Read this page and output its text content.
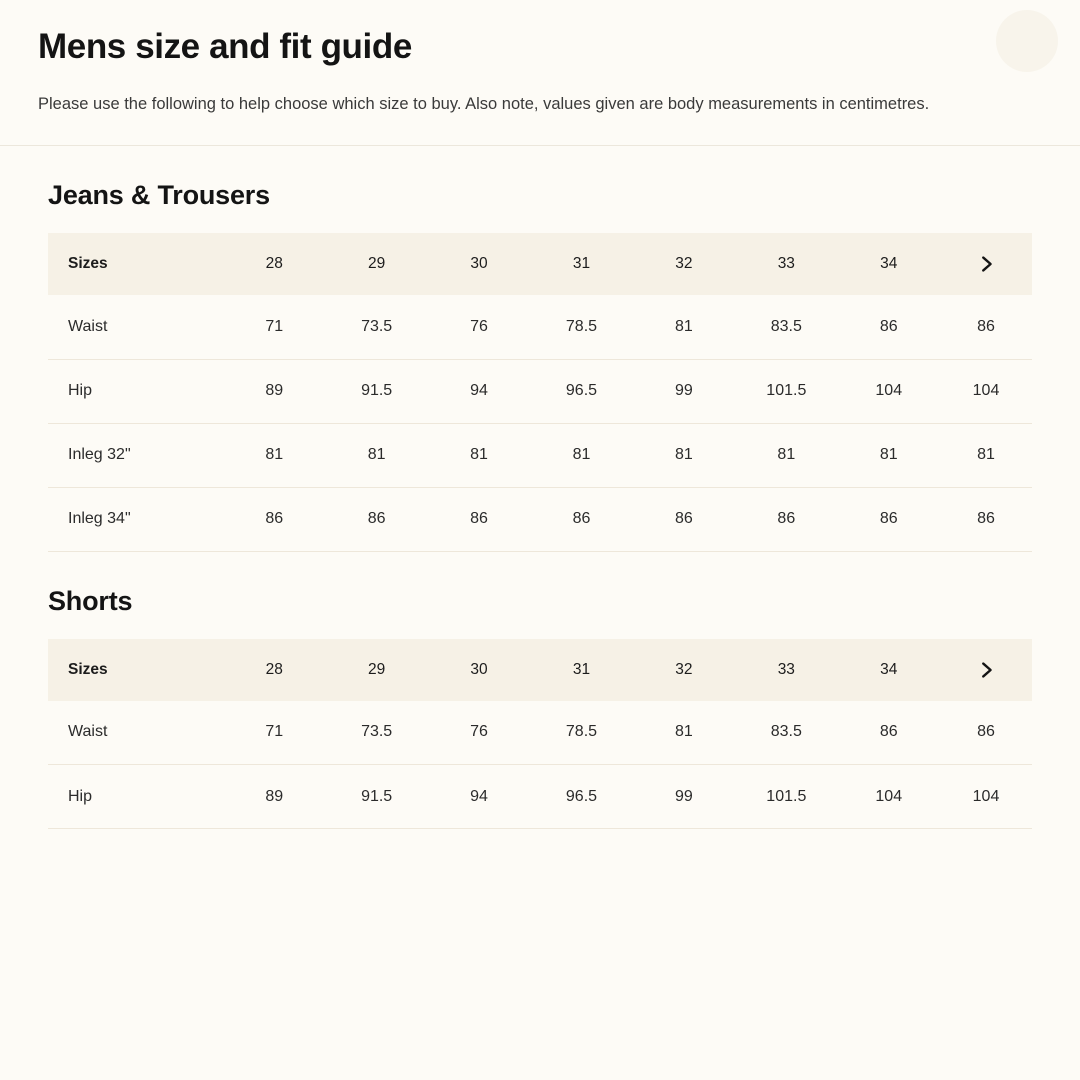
Mens size and fit guide

Please use the following to help choose which size to buy. Also note, values given are body measurements in centimetres.

Jeans & Trousers
Sizes	28	29	30	31	32	33	34	

Waist	71	73.5	76	78.5	81	83.5	86	86
Hip	89	91.5	94	96.5	99	101.5	104	104
Inleg 32"	81	81	81	81	81	81	81	81
Inleg 34"	86	86	86	86	86	86	86	86
Shorts
Sizes	28	29	30	31	32	33	34	

Waist	71	73.5	76	78.5	81	83.5	86	86
Hip	89	91.5	94	96.5	99	101.5	104	104
